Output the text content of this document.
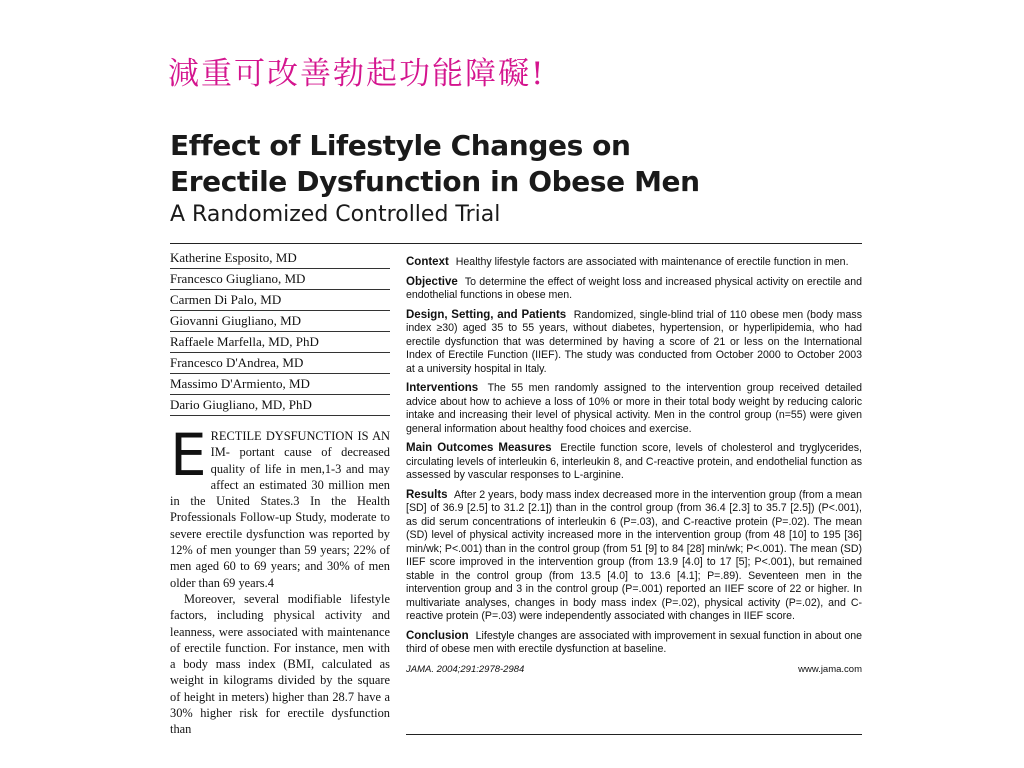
減重可改善勃起功能障礙!
Effect of Lifestyle Changes on
Erectile Dysfunction in Obese Men
A Randomized Controlled Trial
Katherine Esposito, MD
Francesco Giugliano, MD
Carmen Di Palo, MD
Giovanni Giugliano, MD
Raffaele Marfella, MD, PhD
Francesco D'Andrea, MD
Massimo D'Armiento, MD
Dario Giugliano, MD, PhD
E RECTILE DYSFUNCTION IS AN IM- portant cause of decreased quality of life in men,1-3 and may affect an estimated 30 million men in the United States.3 In the Health Professionals Follow-up Study, moderate to severe erectile dysfunction was reported by 12% of men younger than 59 years; 22% of men aged 60 to 69 years; and 30% of men older than 69 years.4

Moreover, several modifiable lifestyle factors, including physical activity and leanness, were associated with maintenance of erectile function. For instance, men with a body mass index (BMI, calculated as weight in kilograms divided by the square of height in meters) higher than 28.7 have a 30% higher risk for erectile dysfunction than

Context Healthy lifestyle factors are associated with maintenance of erectile function in men.
Objective To determine the effect of weight loss and increased physical activity on erectile and endothelial functions in obese men.
Design, Setting, and Patients Randomized, single-blind trial of 110 obese men (body mass index ≥30) aged 35 to 55 years, without diabetes, hypertension, or hyperlipidemia, who had erectile dysfunction that was determined by having a score of 21 or less on the International Index of Erectile Function (IIEF). The study was conducted from October 2000 to October 2003 at a university hospital in Italy.
Interventions The 55 men randomly assigned to the intervention group received detailed advice about how to achieve a loss of 10% or more in their total body weight by reducing caloric intake and increasing their level of physical activity. Men in the control group (n=55) were given general information about healthy food choices and exercise.
Main Outcomes Measures Erectile function score, levels of cholesterol and tryglycerides, circulating levels of interleukin 6, interleukin 8, and C-reactive protein, and endothelial function as assessed by vascular responses to L-arginine.
Results After 2 years, body mass index decreased more in the intervention group (from a mean [SD] of 36.9 [2.5] to 31.2 [2.1]) than in the control group (from 36.4 [2.3] to 35.7 [2.5]) (P<.001), as did serum concentrations of interleukin 6 (P=.03), and C-reactive protein (P=.02). The mean (SD) level of physical activity increased more in the intervention group (from 48 [10] to 195 [36] min/wk; P<.001) than in the control group (from 51 [9] to 84 [28] min/wk; P<.001). The mean (SD) IIEF score improved in the intervention group (from 13.9 [4.0] to 17 [5]; P<.001), but remained stable in the control group (from 13.5 [4.0] to 13.6 [4.1]; P=.89). Seventeen men in the intervention group and 3 in the control group (P=.001) reported an IIEF score of 22 or higher. In multivariate analyses, changes in body mass index (P=.02), physical activity (P=.02), and C-reactive protein (P=.03) were independently associated with changes in IIEF score.
Conclusion Lifestyle changes are associated with improvement in sexual function in about one third of obese men with erectile dysfunction at baseline.
JAMA. 2004;291:2978-2984	www.jama.com
